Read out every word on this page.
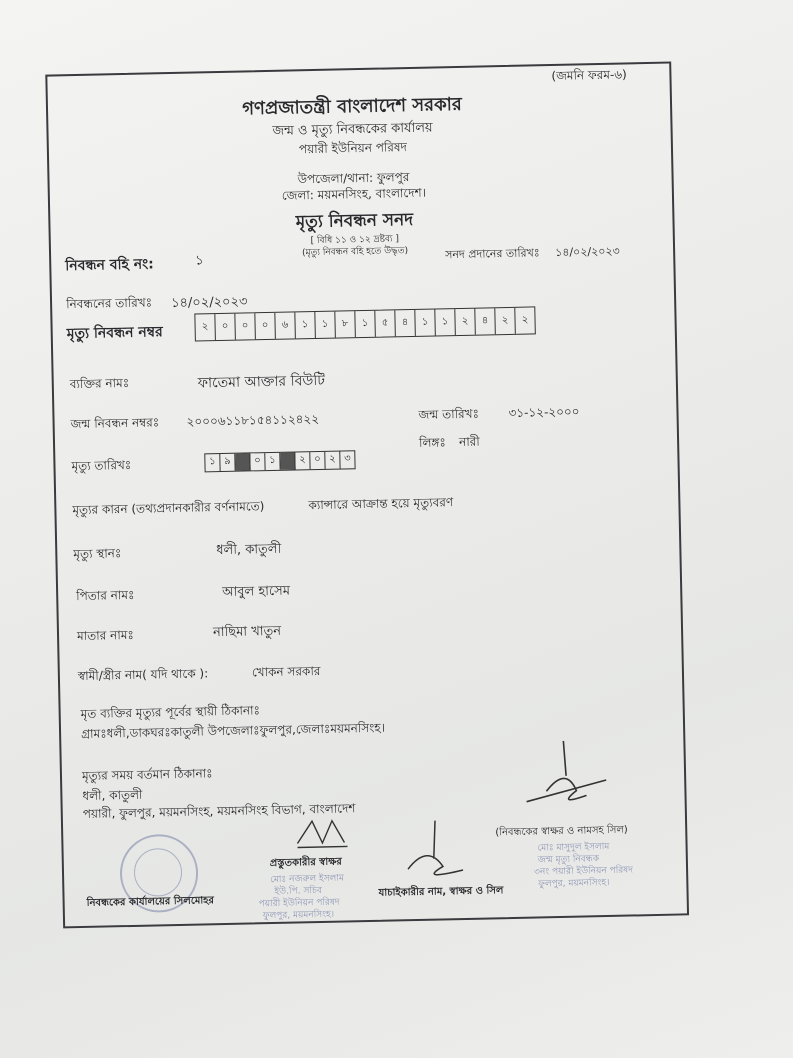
(জমনি ফরম-৬)
গণপ্রজাতন্ত্রী বাংলাদেশ সরকার
জন্ম ও মৃত্যু নিবন্ধকের কার্যালয়
পয়ারী ইউনিয়ন পরিষদ
উপজেলা/থানা: ফুলপুর
জেলা: ময়মনসিংহ, বাংলাদেশ।
মৃত্যু নিবন্ধন সনদ
[ বিধি ১১ ও ১২ দ্রষ্টব্য ]
(মৃত্যু নিবন্ধন বহি হতে উদ্ধৃত)
নিবন্ধন বহি নং:	১	সনদ প্রদানের তারিখঃ ১৪/০২/২০২৩
নিবন্ধনের তারিখঃ ১৪/০২/২০২৩
মৃত্যু নিবন্ধন নম্বর	২	০	০	০	৬	১	১	৮	১	৫	৪	১	১	২	৪	২	২
ব্যক্তির নামঃ	ফাতেমা আক্তার বিউটি
জন্ম নিবন্ধন নম্বরঃ ২০০০৬১১৮১৫৪১১২৪২২	জন্ম তারিখঃ ৩১-১২-২০০০
লিঙ্গঃ নারী
মৃত্যু তারিখঃ	১ ৯	০ ১	২ ০ ২ ৩
মৃত্যুর কারন (তথ্যপ্রদানকারীর বর্ণনামতে)	ক্যান্সারে আক্রান্ত হয়ে মৃত্যুবরণ
মৃত্যু স্থানঃ	ধলী, কাতুলী
পিতার নামঃ	আবুল হাসেম
মাতার নামঃ	নাছিমা খাতুন
স্বামী/স্ত্রীর নাম( যদি থাকে ):	খোকন সরকার
মৃত ব্যক্তির মৃত্যুর পূর্বের স্থায়ী ঠিকানাঃ
গ্রামঃধলী,ডাকঘরঃকাতুলী উপজেলাঃফুলপুর,জেলাঃময়মনসিংহ।
মৃত্যুর সময় বর্তমান ঠিকানাঃ
ধলী, কাতুলী
পয়ারী, ফুলপুর, ময়মনসিংহ, ময়মনসিংহ বিভাগ, বাংলাদেশ
(নিবন্ধকের স্বাক্ষর ও নামসহ সিল)
মোঃ মাসুদুল ইসলাম
জন্ম মৃত্যু নিবন্ধক
৩নং পয়ারী ইউনিয়ন পরিষদ
ফুলপুর, ময়মনসিংহ।
প্রস্তুতকারীর স্বাক্ষর
মোঃ নজরুল ইসলাম
ইউ.পি. সচিব
পয়ারী ইউনিয়ন পরিষদ
ফুলপুর, ময়মনসিংহ।
যাচাইকারীর নাম, স্বাক্ষর ও সিল
নিবন্ধকের কার্যালয়ের সিলমোহর
